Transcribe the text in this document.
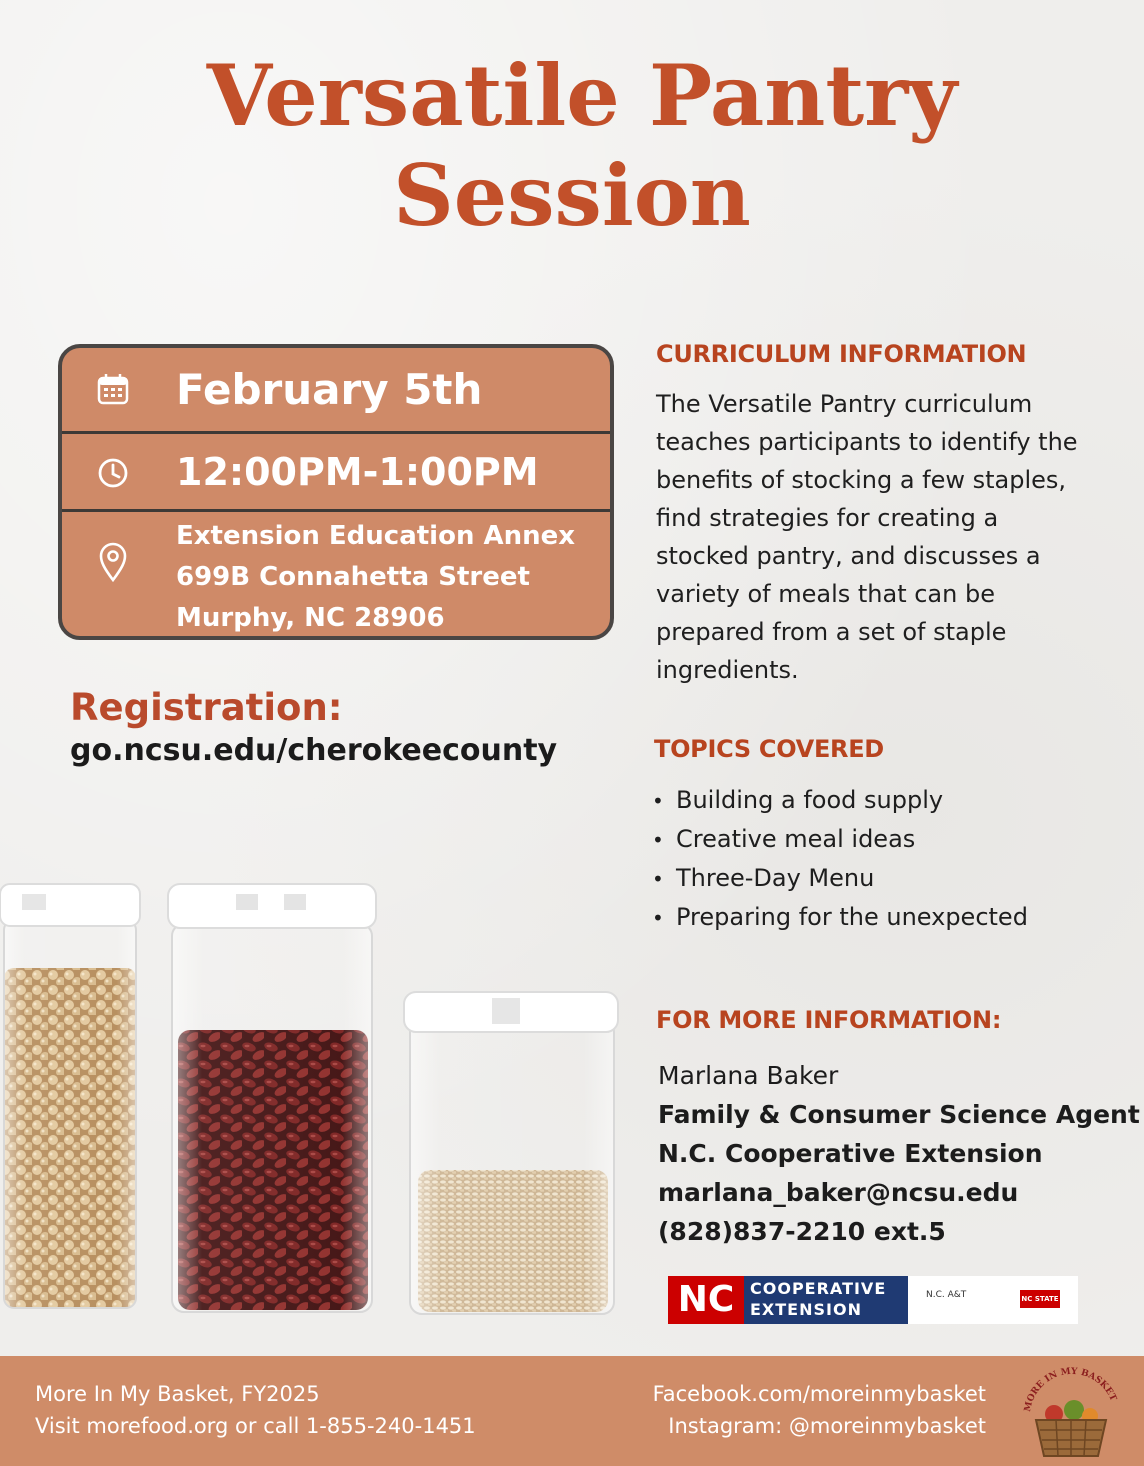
Versatile Pantry
Session
February 5th
12:00PM-1:00PM
Extension Education Annex
699B Connahetta Street
Murphy, NC 28906
Registration:
go.ncsu.edu/cherokeecounty
CURRICULUM INFORMATION
The Versatile Pantry curriculum
teaches participants to identify the
benefits of stocking a few staples,
find strategies for creating a
stocked pantry, and discusses a
variety of meals that can be
prepared from a set of staple
ingredients.
TOPICS COVERED
• Building a food supply
• Creative meal ideas
• Three-Day Menu
• Preparing for the unexpected
FOR MORE INFORMATION:
Marlana Baker
Family & Consumer Science Agent
N.C. Cooperative Extension
marlana_baker@ncsu.edu
(828)837-2210 ext.5
NC COOPERATIVE
EXTENSION
N.C. A&T	NC STATE
More In My Basket, FY2025
Visit morefood.org or call 1-855-240-1451
Facebook.com/moreinmybasket
Instagram: @moreinmybasket
MORE IN MY BASKET
